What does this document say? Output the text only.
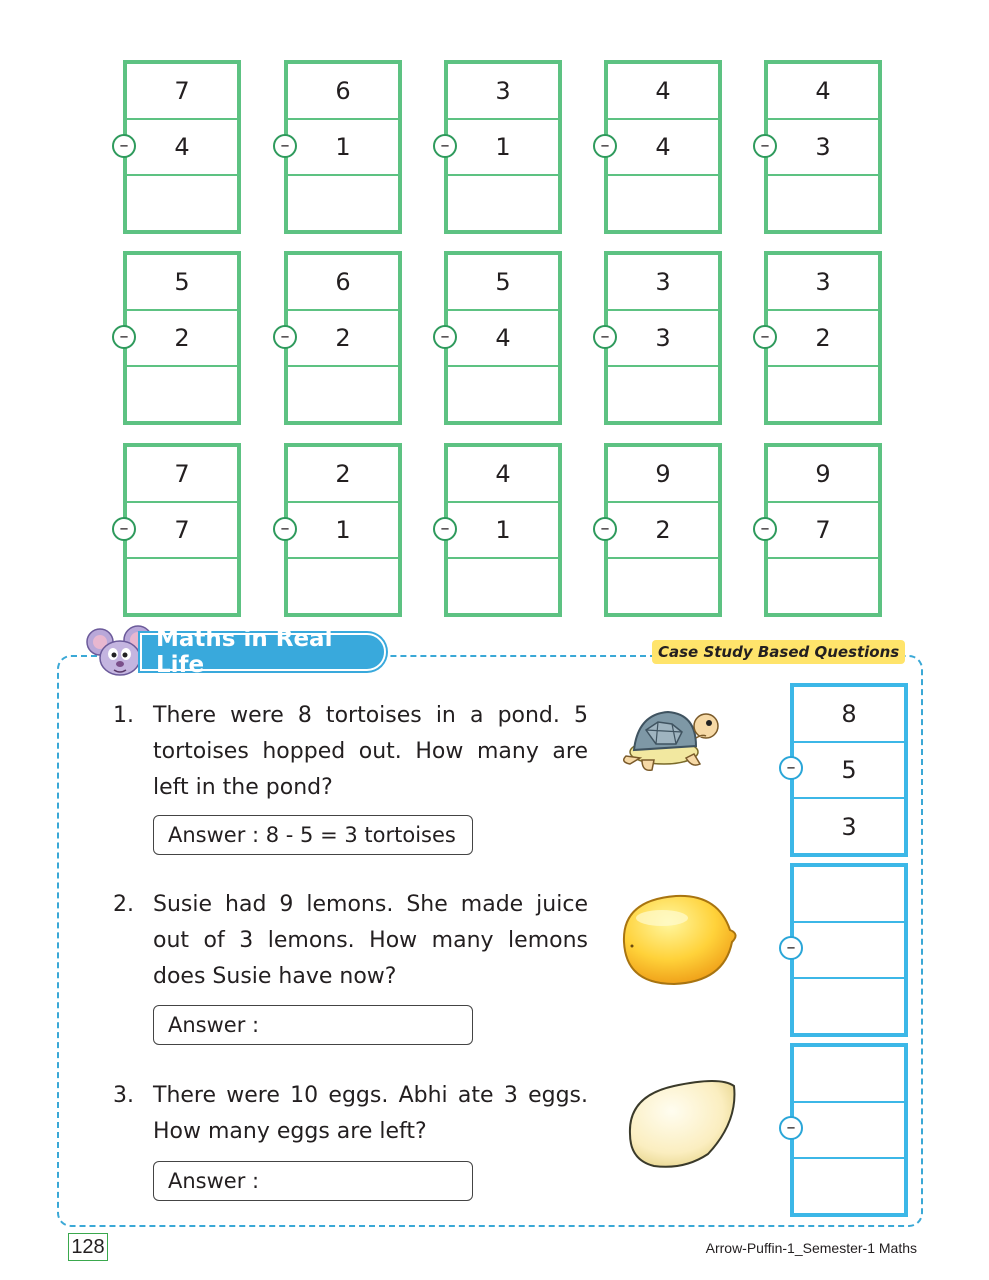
7
4
–
6
1
–
3
1
–
4
4
–
4
3
–
5
2
–
6
2
–
5
4
–
3
3
–
3
2
–
7
7
–
2
1
–
4
1
–
9
2
–
9
7
–
Maths in Real Life	Case Study Based Questions
1. There were 8 tortoises in a pond. 5 tortoises hopped out. How many are left in the pond?
Answer : 8 - 5 = 3 tortoises
2. Susie had 9 lemons. She made juice out of 3 lemons. How many lemons does Susie have now?
Answer :
3. There were 10 eggs. Abhi ate 3 eggs. How many eggs are left?
Answer :
8
5
3
–
–
–
128	Arrow-Puffin-1_Semester-1 Maths
